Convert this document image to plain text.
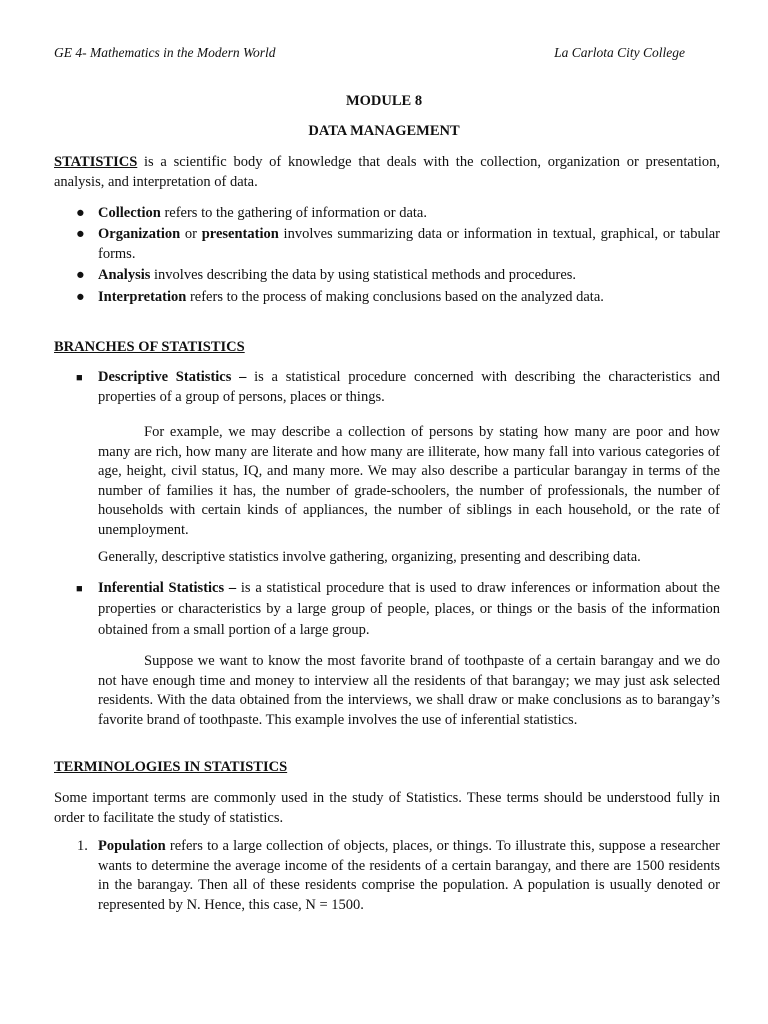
GE 4- Mathematics in the Modern World	La Carlota City College
MODULE 8
DATA MANAGEMENT
STATISTICS is a scientific body of knowledge that deals with the collection, organization or presentation, analysis, and interpretation of data.
● Collection refers to the gathering of information or data.
● Organization or presentation involves summarizing data or information in textual, graphical, or tabular forms.
● Analysis involves describing the data by using statistical methods and procedures.
● Interpretation refers to the process of making conclusions based on the analyzed data.
BRANCHES OF STATISTICS
■ Descriptive Statistics – is a statistical procedure concerned with describing the characteristics and properties of a group of persons, places or things.
For example, we may describe a collection of persons by stating how many are poor and how many are rich, how many are literate and how many are illiterate, how many fall into various categories of age, height, civil status, IQ, and many more. We may also describe a particular barangay in terms of the number of families it has, the number of grade-schoolers, the number of professionals, the number of households with certain kinds of appliances, the number of siblings in each household, or the rate of unemployment.
Generally, descriptive statistics involve gathering, organizing, presenting and describing data.
■ Inferential Statistics – is a statistical procedure that is used to draw inferences or information about the properties or characteristics by a large group of people, places, or things or the basis of the information obtained from a small portion of a large group.
Suppose we want to know the most favorite brand of toothpaste of a certain barangay and we do not have enough time and money to interview all the residents of that barangay; we may just ask selected residents. With the data obtained from the interviews, we shall draw or make conclusions as to barangay’s favorite brand of toothpaste. This example involves the use of inferential statistics.
TERMINOLOGIES IN STATISTICS
Some important terms are commonly used in the study of Statistics. These terms should be understood fully in order to facilitate the study of statistics.
1. Population refers to a large collection of objects, places, or things. To illustrate this, suppose a researcher wants to determine the average income of the residents of a certain barangay, and there are 1500 residents in the barangay. Then all of these residents comprise the population. A population is usually denoted or represented by N. Hence, this case, N = 1500.
